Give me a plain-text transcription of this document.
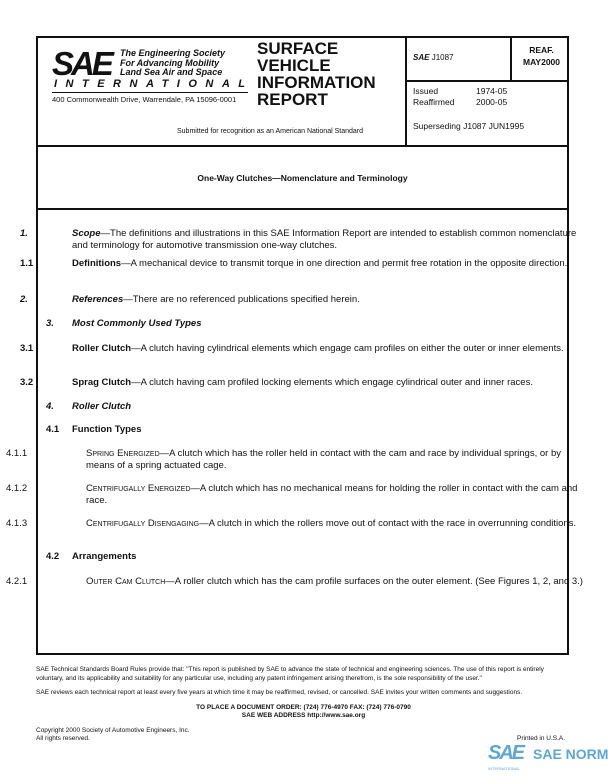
SAE The Engineering Society
For Advancing Mobility
Land Sea Air and Space
INTERNATIONAL
400 Commonwealth Drive, Warrendale, PA 15096-0001
SURFACE
VEHICLE
INFORMATION
REPORT
Submitted for recognition as an American National Standard
SAE J1087
REAF.
MAY2000
Issued	1974-05
Reaffirmed	2000-05
Superseding J1087 JUN1995
One-Way Clutches—Nomenclature and Terminology
1.	Scope—The definitions and illustrations in this SAE Information Report are intended to establish common nomenclature and terminology for automotive transmission one-way clutches.
1.1	Definitions—A mechanical device to transmit torque in one direction and permit free rotation in the opposite direction.
2.	References—There are no referenced publications specified herein.
3. Most Commonly Used Types
3.1	Roller Clutch—A clutch having cylindrical elements which engage cam profiles on either the outer or inner elements.
3.2	Sprag Clutch—A clutch having cam profiled locking elements which engage cylindrical outer and inner races.
4. Roller Clutch
4.1 Function Types
4.1.1	Spring Energized—A clutch which has the roller held in contact with the cam and race by individual springs, or by means of a spring actuated cage.
4.1.2	Centrifugally Energized—A clutch which has no mechanical means for holding the roller in contact with the cam and race.
4.1.3	Centrifugally Disengaging—A clutch in which the rollers move out of contact with the race in overrunning conditions.
4.2 Arrangements
4.2.1	Outer Cam Clutch—A roller clutch which has the cam profile surfaces on the outer element. (See Figures 1, 2, and 3.)
SAE Technical Standards Board Rules provide that: "This report is published by SAE to advance the state of technical and engineering sciences. The use of this report is entirely voluntary, and its applicability and suitability for any particular use, including any patent infringement arising therefrom, is the sole responsibility of the user."
SAE reviews each technical report at least every five years at which time it may be reaffirmed, revised, or cancelled. SAE invites your written comments and suggestions.
TO PLACE A DOCUMENT ORDER: (724) 776-4970 FAX: (724) 776-0790
SAE WEB ADDRESS http://www.sae.org
Copyright 2000 Society of Automotive Engineers, Inc.
All rights reserved.	Printed in U.S.A.
SAE SAE NORM
INTERNATIONAL
